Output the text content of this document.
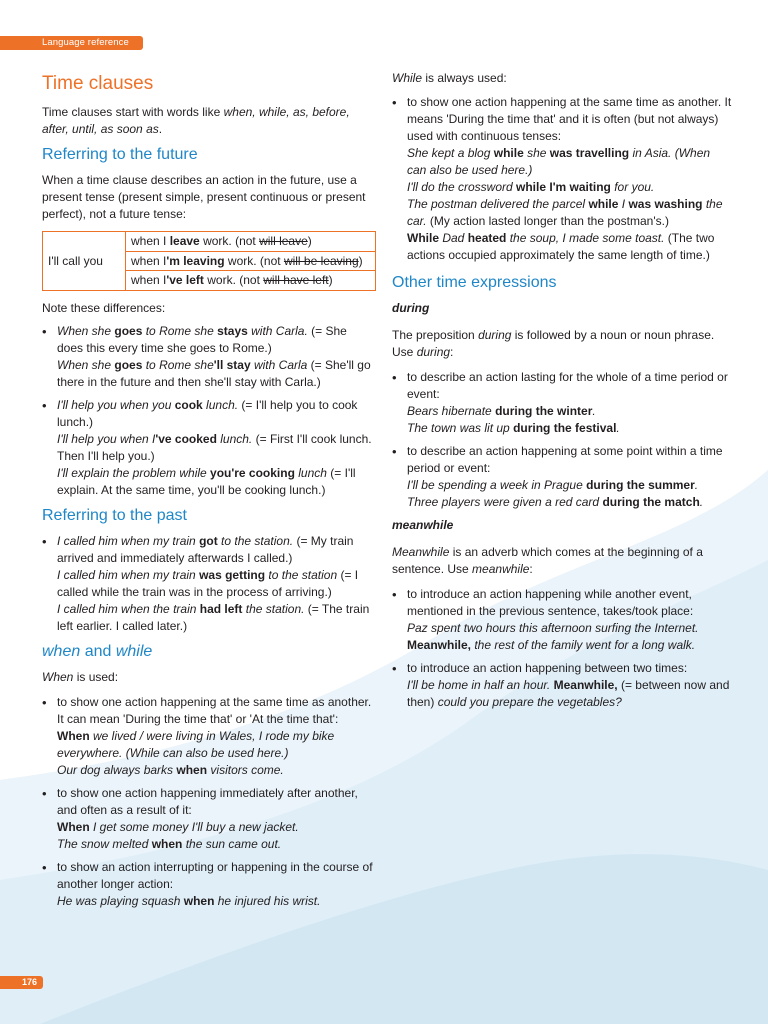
Language reference
Time clauses

Time clauses start with words like when, while, as, before, after, until, as soon as.

Referring to the future

When a time clause describes an action in the future, use a present tense (present simple, present continuous or present perfect), not a future tense:

I'll call you	when I leave work. (not will leave)
when I'm leaving work. (not will be leaving)
when I've left work. (not will have left)

Note these differences:

• When she goes to Rome she stays with Carla. (= She does this every time she goes to Rome.)
When she goes to Rome she'll stay with Carla (= She'll go there in the future and then she'll stay with Carla.)
• I'll help you when you cook lunch. (= I'll help you to cook lunch.)
I'll help you when I've cooked lunch. (= First I'll cook lunch. Then I'll help you.)
I'll explain the problem while you're cooking lunch (= I'll explain. At the same time, you'll be cooking lunch.)
Referring to the past
• I called him when my train got to the station. (= My train arrived and immediately afterwards I called.)
I called him when my train was getting to the station (= I called while the train was in the process of arriving.)
I called him when the train had left the station. (= The train left earlier. I called later.)
when and while

When is used:

• to show one action happening at the same time as another. It can mean 'During the time that' or 'At the time that':
When we lived / were living in Wales, I rode my bike everywhere. (While can also be used here.)
Our dog always barks when visitors come.
• to show one action happening immediately after another, and often as a result of it:
When I get some money I'll buy a new jacket.
The snow melted when the sun came out.
• to show an action interrupting or happening in the course of another longer action:
He was playing squash when he injured his wrist.

While is always used:

• to show one action happening at the same time as another. It means 'During the time that' and it is often (but not always) used with continuous tenses:
She kept a blog while she was travelling in Asia. (When can also be used here.)
I'll do the crossword while I'm waiting for you.
The postman delivered the parcel while I was washing the car. (My action lasted longer than the postman's.)
While Dad heated the soup, I made some toast. (The two actions occupied approximately the same length of time.)
Other time expressions
during

The preposition during is followed by a noun or noun phrase. Use during:

• to describe an action lasting for the whole of a time period or event:
Bears hibernate during the winter.
The town was lit up during the festival.
• to describe an action happening at some point within a time period or event:
I'll be spending a week in Prague during the summer.
Three players were given a red card during the match.
meanwhile

Meanwhile is an adverb which comes at the beginning of a sentence. Use meanwhile:

• to introduce an action happening while another event, mentioned in the previous sentence, takes/took place:
Paz spent two hours this afternoon surfing the Internet.
Meanwhile, the rest of the family went for a long walk.
• to introduce an action happening between two times:
I'll be home in half an hour. Meanwhile, (= between now and then) could you prepare the vegetables?
176
